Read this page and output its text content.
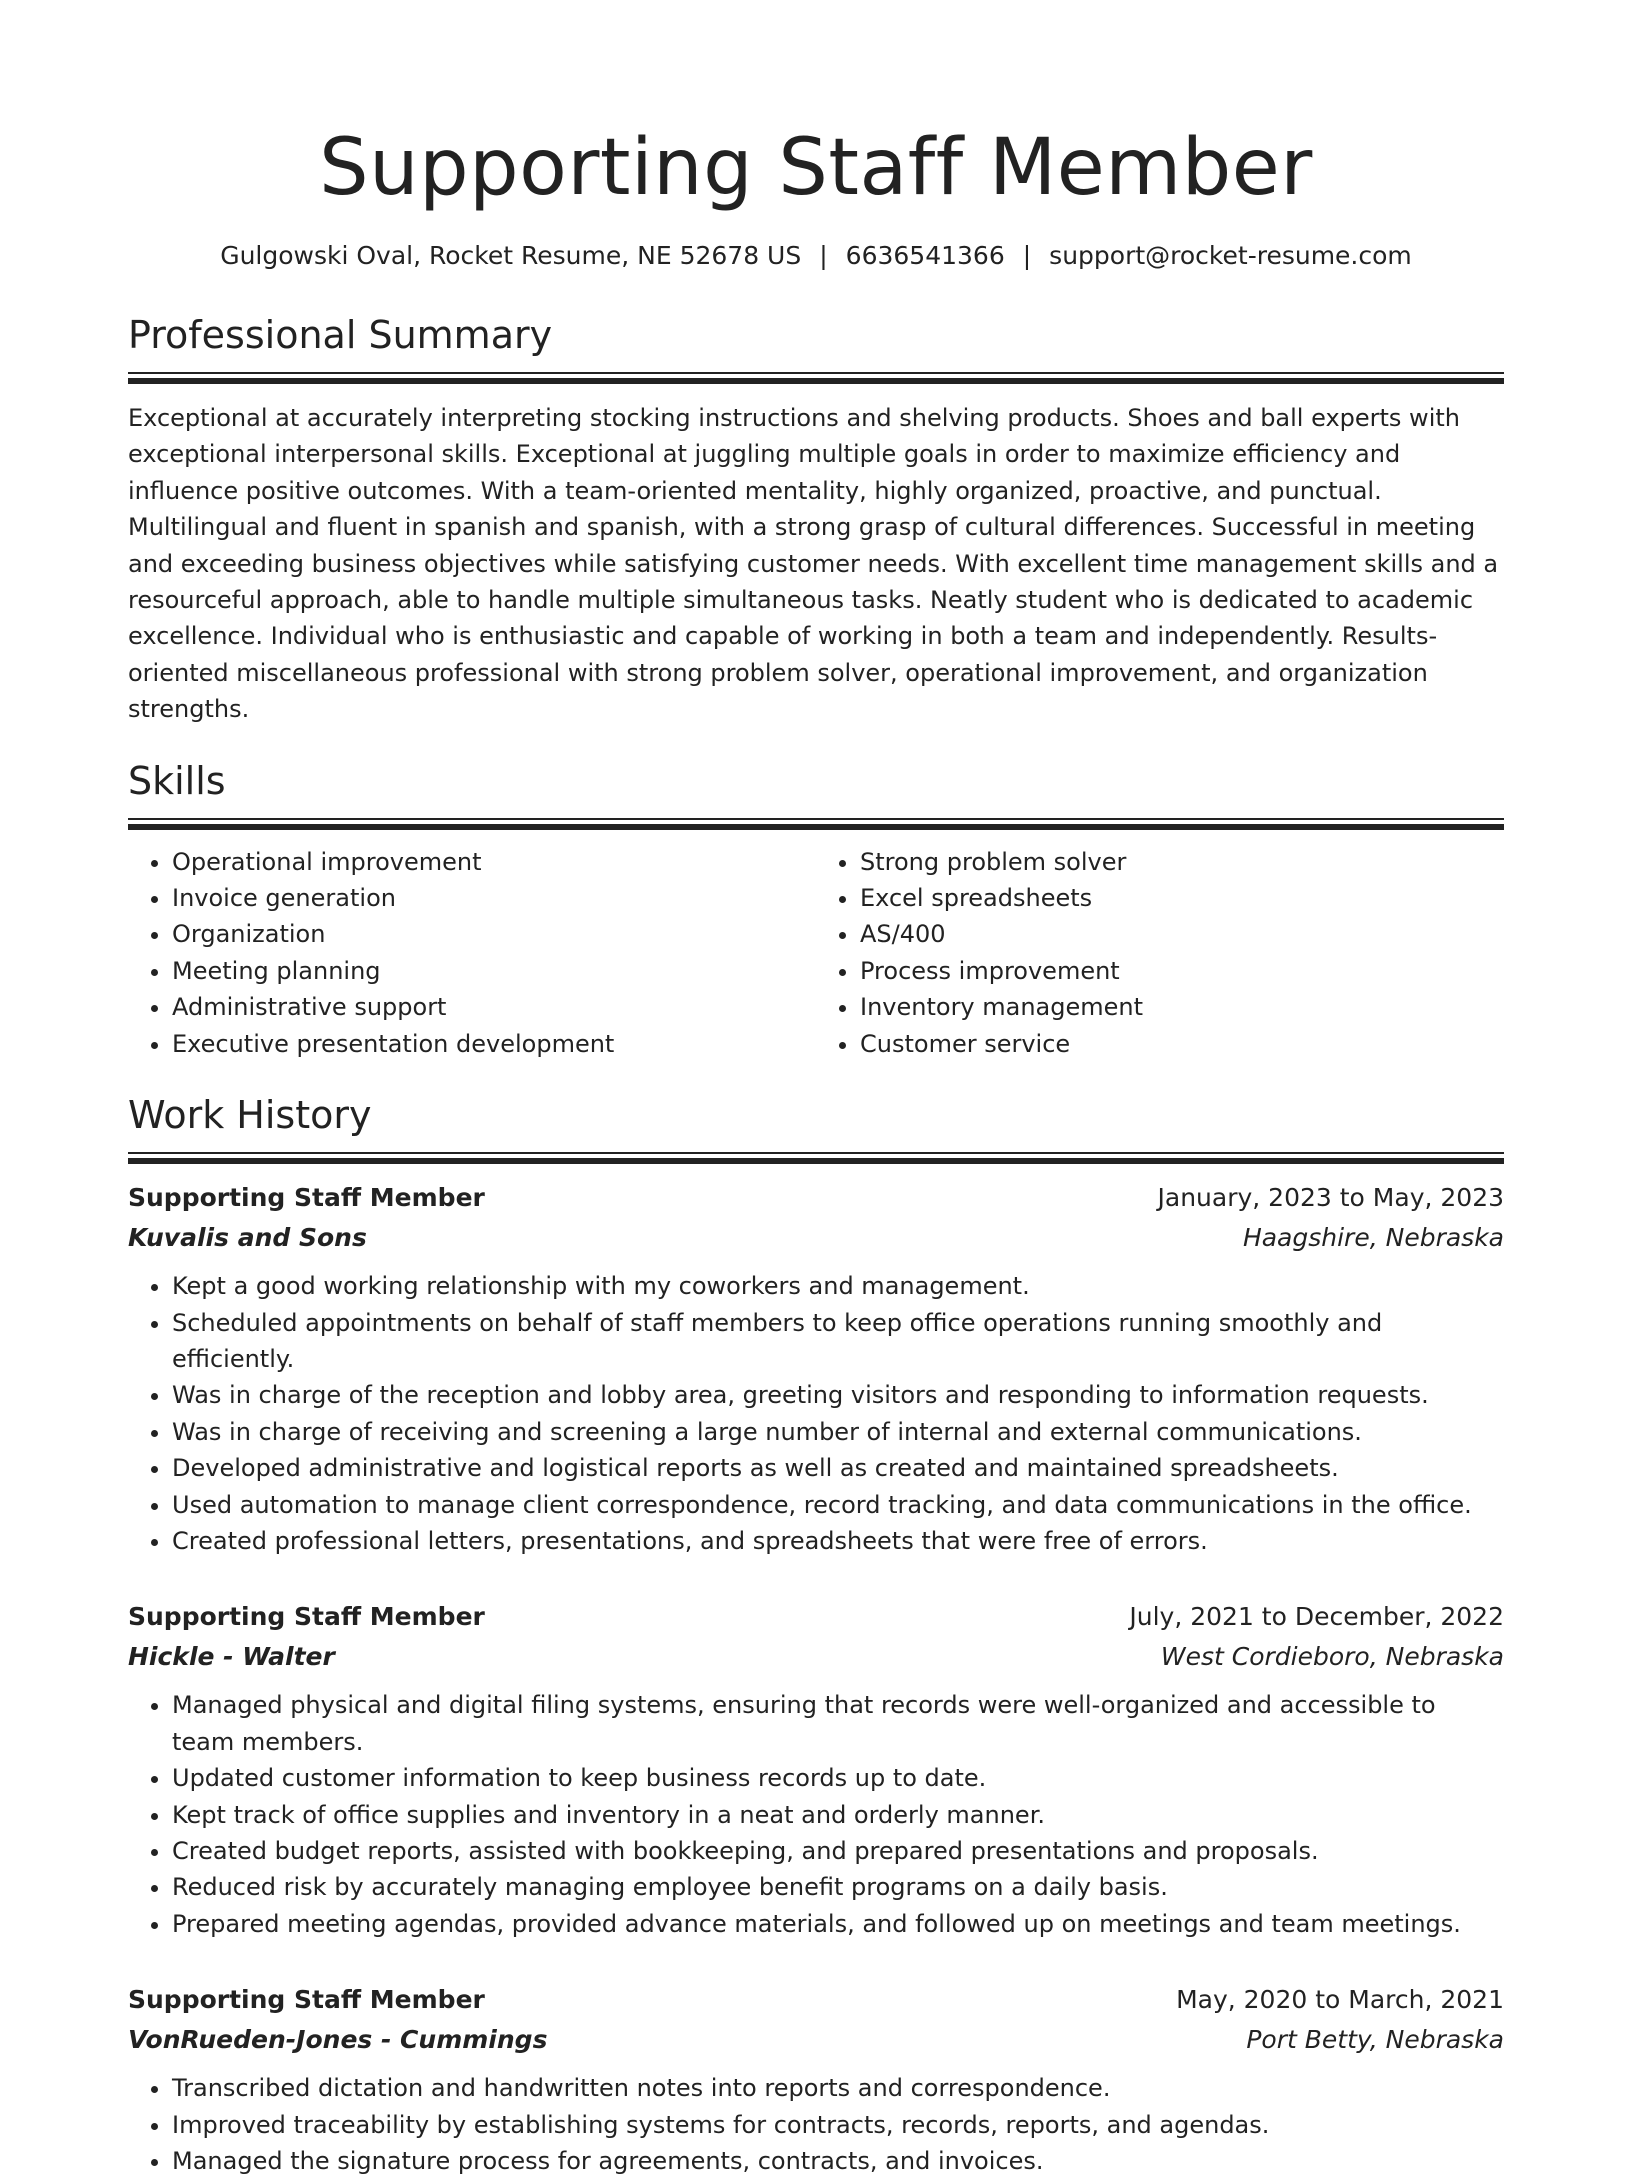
Supporting Staff Member
Gulgowski Oval, Rocket Resume, NE 52678 US | 6636541366 | support@rocket-resume.com
Professional Summary

Exceptional at accurately interpreting stocking instructions and shelving products. Shoes and ball experts with exceptional interpersonal skills. Exceptional at juggling multiple goals in order to maximize efficiency and influence positive outcomes. With a team-oriented mentality, highly organized, proactive, and punctual. Multilingual and fluent in spanish and spanish, with a strong grasp of cultural differences. Successful in meeting and exceeding business objectives while satisfying customer needs. With excellent time management skills and a resourceful approach, able to handle multiple simultaneous tasks. Neatly student who is dedicated to academic excellence. Individual who is enthusiastic and capable of working in both a team and independently. Results-oriented miscellaneous professional with strong problem solver, operational improvement, and organization strengths.

Skills
• Operational improvement
• Invoice generation
• Organization
• Meeting planning
• Administrative support
• Executive presentation development
• Strong problem solver
• Excel spreadsheets
• AS/400
• Process improvement
• Inventory management
• Customer service
Work History
Supporting Staff Member	January, 2023 to May, 2023
Kuvalis and Sons	Haagshire, Nebraska
• Kept a good working relationship with my coworkers and management.
• Scheduled appointments on behalf of staff members to keep office operations running smoothly and efficiently.
• Was in charge of the reception and lobby area, greeting visitors and responding to information requests.
• Was in charge of receiving and screening a large number of internal and external communications.
• Developed administrative and logistical reports as well as created and maintained spreadsheets.
• Used automation to manage client correspondence, record tracking, and data communications in the office.
• Created professional letters, presentations, and spreadsheets that were free of errors.
Supporting Staff Member	July, 2021 to December, 2022
Hickle - Walter	West Cordieboro, Nebraska
• Managed physical and digital filing systems, ensuring that records were well-organized and accessible to team members.
• Updated customer information to keep business records up to date.
• Kept track of office supplies and inventory in a neat and orderly manner.
• Created budget reports, assisted with bookkeeping, and prepared presentations and proposals.
• Reduced risk by accurately managing employee benefit programs on a daily basis.
• Prepared meeting agendas, provided advance materials, and followed up on meetings and team meetings.
Supporting Staff Member	May, 2020 to March, 2021
VonRueden-Jones - Cummings	Port Betty, Nebraska
• Transcribed dictation and handwritten notes into reports and correspondence.
• Improved traceability by establishing systems for contracts, records, reports, and agendas.
• Managed the signature process for agreements, contracts, and invoices.
